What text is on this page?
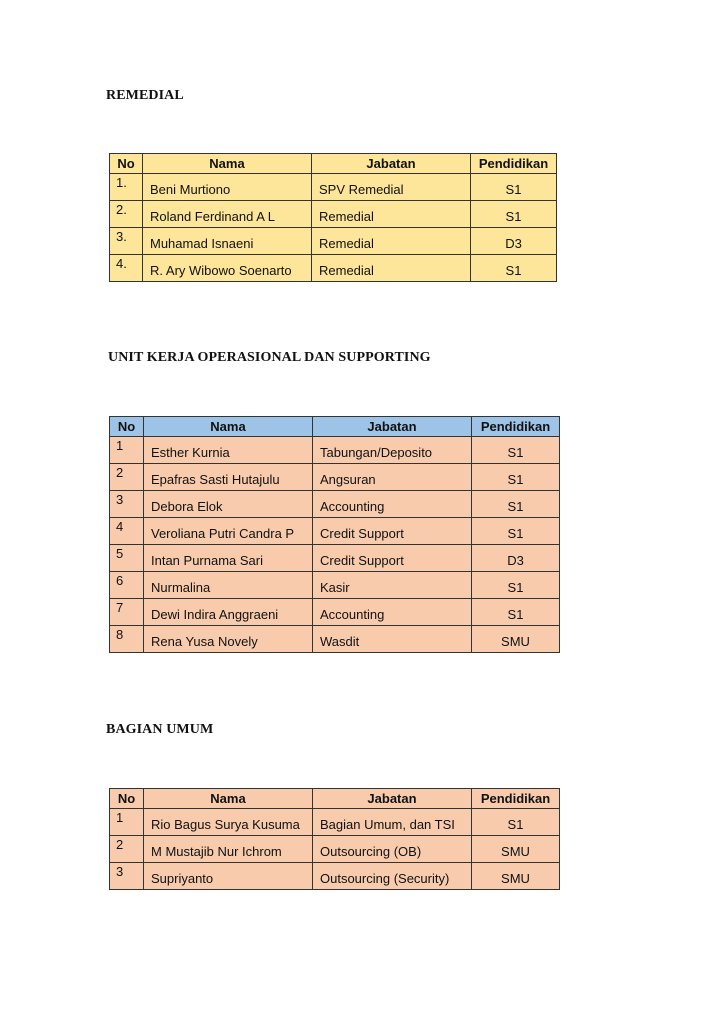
REMEDIAL
No	Nama	Jabatan	Pendidikan
1.	Beni Murtiono	SPV Remedial	S1
2.	Roland Ferdinand A L	Remedial	S1
3.	Muhamad Isnaeni	Remedial	D3
4.	R. Ary Wibowo Soenarto	Remedial	S1
UNIT KERJA OPERASIONAL DAN SUPPORTING
No	Nama	Jabatan	Pendidikan
1	Esther Kurnia	Tabungan/Deposito	S1
2	Epafras Sasti Hutajulu	Angsuran	S1
3	Debora Elok	Accounting	S1
4	Veroliana Putri Candra P	Credit Support	S1
5	Intan Purnama Sari	Credit Support	D3
6	Nurmalina	Kasir	S1
7	Dewi Indira Anggraeni	Accounting	S1
8	Rena Yusa Novely	Wasdit	SMU
BAGIAN UMUM
No	Nama	Jabatan	Pendidikan
1	Rio Bagus Surya Kusuma	Bagian Umum, dan TSI	S1
2	M Mustajib Nur Ichrom	Outsourcing (OB)	SMU
3	Supriyanto	Outsourcing (Security)	SMU
